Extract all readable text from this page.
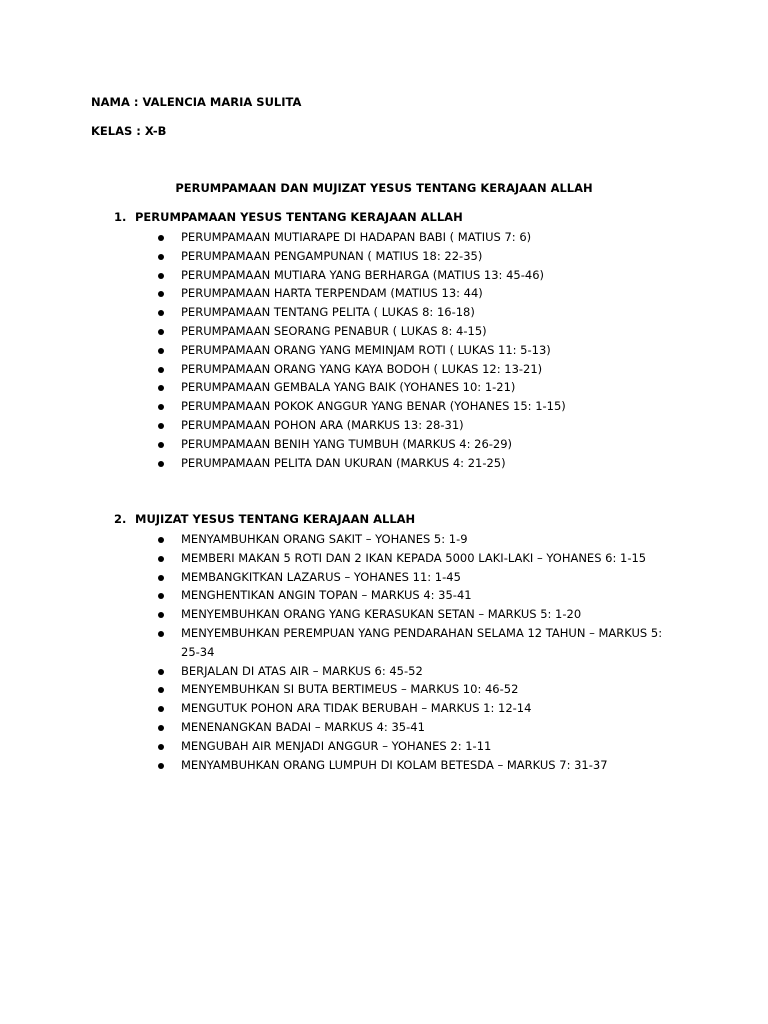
NAMA : VALENCIA MARIA SULITA
KELAS : X-B
PERUMPAMAAN DAN MUJIZAT YESUS TENTANG KERAJAAN ALLAH
1. PERUMPAMAAN YESUS TENTANG KERAJAAN ALLAH
PERUMPAMAAN MUTIARAPE DI HADAPAN BABI ( MATIUS 7: 6)
PERUMPAMAAN PENGAMPUNAN ( MATIUS 18: 22-35)
PERUMPAMAAN MUTIARA YANG BERHARGA (MATIUS 13: 45-46)
PERUMPAMAAN HARTA TERPENDAM (MATIUS 13: 44)
PERUMPAMAAN TENTANG PELITA ( LUKAS 8: 16-18)
PERUMPAMAAN SEORANG PENABUR ( LUKAS 8: 4-15)
PERUMPAMAAN ORANG YANG MEMINJAM ROTI ( LUKAS 11: 5-13)
PERUMPAMAAN ORANG YANG KAYA BODOH ( LUKAS 12: 13-21)
PERUMPAMAAN GEMBALA YANG BAIK (YOHANES 10: 1-21)
PERUMPAMAAN POKOK ANGGUR YANG BENAR (YOHANES 15: 1-15)
PERUMPAMAAN POHON ARA (MARKUS 13: 28-31)
PERUMPAMAAN BENIH YANG TUMBUH (MARKUS 4: 26-29)
PERUMPAMAAN PELITA DAN UKURAN (MARKUS 4: 21-25)
2. MUJIZAT YESUS TENTANG KERAJAAN ALLAH
MENYAMBUHKAN ORANG SAKIT – YOHANES 5: 1-9
MEMBERI MAKAN 5 ROTI DAN 2 IKAN KEPADA 5000 LAKI-LAKI – YOHANES 6: 1-15
MEMBANGKITKAN LAZARUS – YOHANES 11: 1-45
MENGHENTIKAN ANGIN TOPAN – MARKUS 4: 35-41
MENYEMBUHKAN ORANG YANG KERASUKAN SETAN – MARKUS 5: 1-20
MENYEMBUHKAN PEREMPUAN YANG PENDARAHAN SELAMA 12 TAHUN – MARKUS 5: 25-34
BERJALAN DI ATAS AIR – MARKUS 6: 45-52
MENYEMBUHKAN SI BUTA BERTIMEUS – MARKUS 10: 46-52
MENGUTUK POHON ARA TIDAK BERUBAH – MARKUS 1: 12-14
MENENANGKAN BADAI – MARKUS 4: 35-41
MENGUBAH AIR MENJADI ANGGUR – YOHANES 2: 1-11
MENYAMBUHKAN ORANG LUMPUH DI KOLAM BETESDA – MARKUS 7: 31-37
